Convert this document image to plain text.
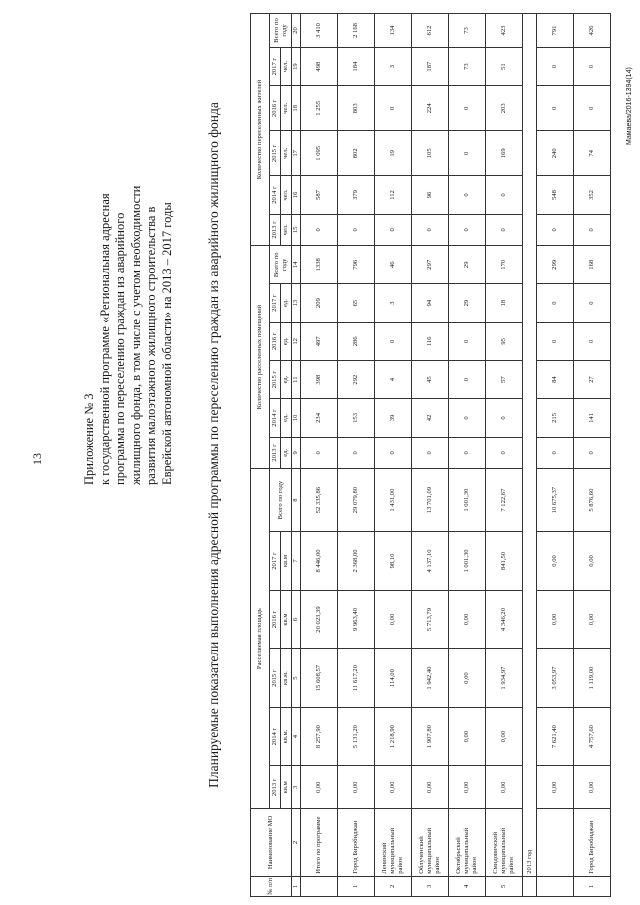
13	Приложение № 3 к государственной программе «Региональная адресная программа по переселению граждан из аварийного жилищного фонда, в том числе с учетом необходимости развития малоэтажного жилищного строительства в Еврейской автономной области» на 2013 – 2017 годы Планируемые показатели выполнения адресной программы по переселению граждан из аварийного жилищного фонда
№ п/п	Наименование МО	Расселяемая площадь						Количество расселенных помещений						Количество переселенных жителей					
		2013 г	2014 г	2015 г	2016 г	2017 г	Всего по году	2013 г	2014 г	2015 г	2016 г	2017 г	Всего по году	2013 г	2014 г	2015 г	2016 г	2017 г	Всего по году
		кв.м	кв.м.	кв.м.	кв.м	кв.м		ед.	ед.	ед.	ед.	ед.		чел.	чел.	чел.	чел.	чел.	
1	2	3	4	5	6	7	8	9	10	11	12	13	14	15	16	17	18	19	20
	Итого по программе	0,00	8 257,90	15 608,57	20 023,39	8 446,00	52 335,86	0	234	398	497	209	1338	0	587	1 095	1 255	498	3 410
1	Город Биробиджан	0,00	5 131,20	11 617,20	9 963,40	2 368,00	29 079,80	0	153	292	286	65	796	0	379	802	803	184	2 168
2	Ленинский муниципальный район	0,00	1 218,90	114,00	0,00	98,10	1 431,00	0	39	4	0	3	46	0	112	19	0	3	134
3	Облученский муниципальный район	0,00	1 907,80	1 942,40	5 713,79	4 137,10	13 701,09	0	42	45	116	94	297	0	96	105	224	187	612
4	Октябрьский муниципальный район	0,00	0,00	0,00	0,00	1 001,30	1 001,30	0	0	0	0	29	29	0	0	0	0	73	73
5	Смидовичский муниципальный район	0,00	0,00	1 934,97	4 346,20	841,50	7 122,67	0	0	57	95	18	170	0	0	169	203	51	423
	2013 год																		
		0,00	7 621,40	3 053,97	0,00	0,00	10 675,37	0	215	84	0	0	299	0	548	240	0	0	791
1	Город Биробиджан	0,00	4 757,60	1 119,00	0,00	0,00	5 876,60	0	141	27	0	0	168	0	352	74	0	0	426
Мамаева/2016-1394(14)
